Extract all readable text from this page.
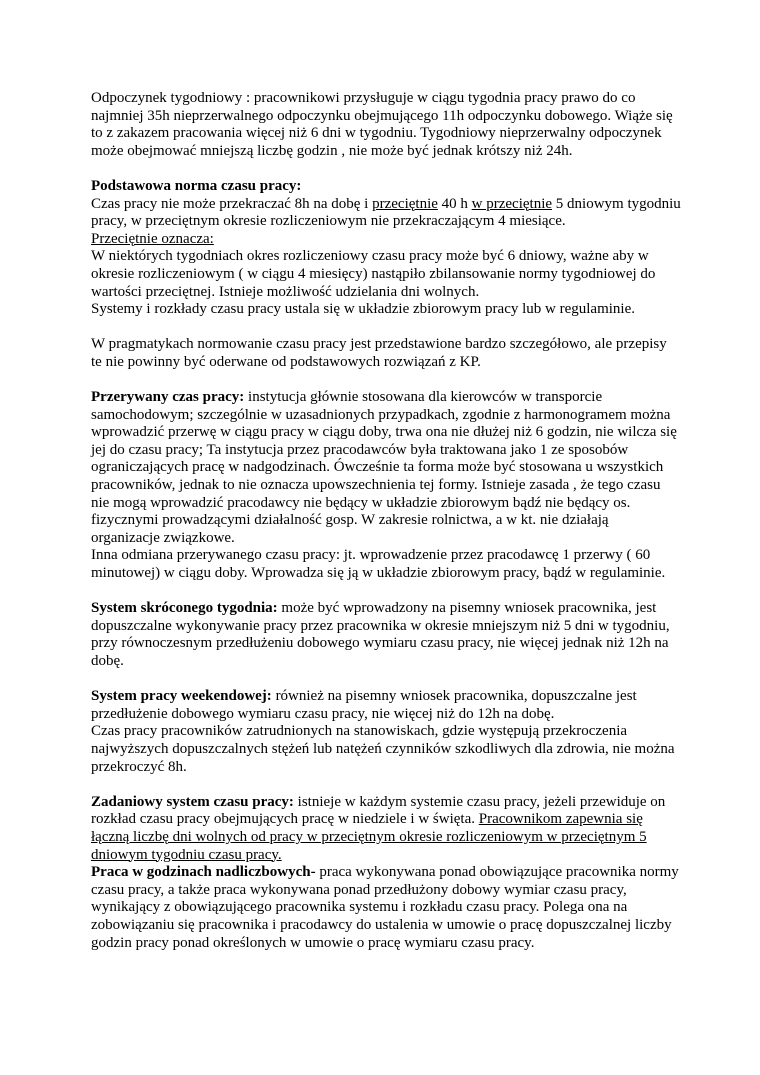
Odpoczynek tygodniowy : pracownikowi przysługuje w ciągu tygodnia pracy prawo do co najmniej 35h nieprzerwalnego odpoczynku obejmującego 11h odpoczynku dobowego. Wiąże się to z zakazem pracowania więcej niż 6 dni w tygodniu. Tygodniowy nieprzerwalny odpoczynek może obejmować mniejszą liczbę godzin , nie może być jednak krótszy niż 24h.

Podstawowa norma czasu pracy:

Czas pracy nie może przekraczać 8h na dobę i przeciętnie 40 h w przeciętnie 5 dniowym tygodniu pracy, w przeciętnym okresie rozliczeniowym nie przekraczającym 4 miesiące.

Przeciętnie oznacza:

W niektórych tygodniach okres rozliczeniowy czasu pracy może być 6 dniowy, ważne aby w okresie rozliczeniowym ( w ciągu 4 miesięcy) nastąpiło zbilansowanie normy tygodniowej do wartości przeciętnej. Istnieje możliwość udzielania dni wolnych.

Systemy i rozkłady czasu pracy ustala się w układzie zbiorowym pracy lub w regulaminie.

W pragmatykach normowanie czasu pracy jest przedstawione bardzo szczegółowo, ale przepisy te nie powinny być oderwane od podstawowych rozwiązań z KP.

Przerywany czas pracy: instytucja głównie stosowana dla kierowców w transporcie samochodowym; szczególnie w uzasadnionych przypadkach, zgodnie z harmonogramem można wprowadzić przerwę w ciągu pracy w ciągu doby, trwa ona nie dłużej niż 6 godzin, nie wilcza się jej do czasu pracy; Ta instytucja przez pracodawców była traktowana jako 1 ze sposobów ograniczających pracę w nadgodzinach. Ówcześnie ta forma może być stosowana u wszystkich pracowników, jednak to nie oznacza upowszechnienia tej formy. Istnieje zasada , że tego czasu nie mogą wprowadzić pracodawcy nie będący w układzie zbiorowym bądź nie będący os. fizycznymi prowadzącymi działalność gosp. W zakresie rolnictwa, a w kt. nie działają organizacje związkowe.

Inna odmiana przerywanego czasu pracy: jt. wprowadzenie przez pracodawcę 1 przerwy ( 60 minutowej) w ciągu doby. Wprowadza się ją w układzie zbiorowym pracy, bądź w regulaminie.

System skróconego tygodnia: może być wprowadzony na pisemny wniosek pracownika, jest dopuszczalne wykonywanie pracy przez pracownika w okresie mniejszym niż 5 dni w tygodniu, przy równoczesnym przedłużeniu dobowego wymiaru czasu pracy, nie więcej jednak niż 12h na dobę.

System pracy weekendowej: również na pisemny wniosek pracownika, dopuszczalne jest przedłużenie dobowego wymiaru czasu pracy, nie więcej niż do 12h na dobę.

Czas pracy pracowników zatrudnionych na stanowiskach, gdzie występują przekroczenia najwyższych dopuszczalnych stężeń lub natężeń czynników szkodliwych dla zdrowia, nie można przekroczyć 8h.

Zadaniowy system czasu pracy: istnieje w każdym systemie czasu pracy, jeżeli przewiduje on rozkład czasu pracy obejmujących pracę w niedziele i w święta. Pracownikom zapewnia się łączną liczbę dni wolnych od pracy w przeciętnym okresie rozliczeniowym w przeciętnym 5 dniowym tygodniu czasu pracy.

Praca w godzinach nadliczbowych- praca wykonywana ponad obowiązujące pracownika normy czasu pracy, a także praca wykonywana ponad przedłużony dobowy wymiar czasu pracy, wynikający z obowiązującego pracownika systemu i rozkładu czasu pracy. Polega ona na zobowiązaniu się pracownika i pracodawcy do ustalenia w umowie o pracę dopuszczalnej liczby godzin pracy ponad określonych w umowie o pracę wymiaru czasu pracy.
